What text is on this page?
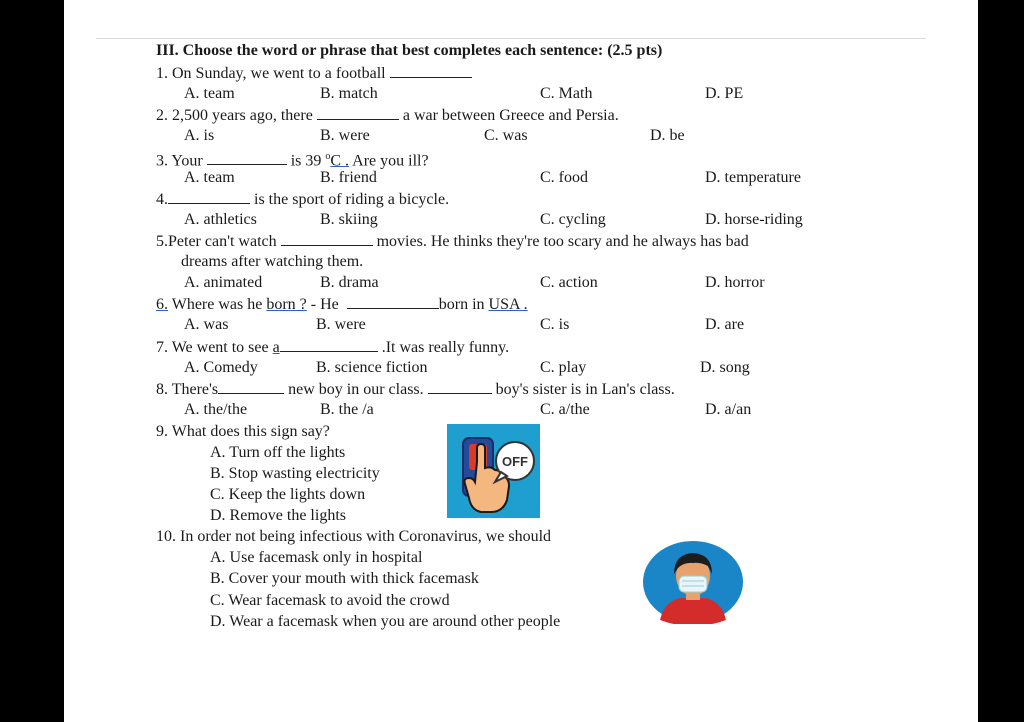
III. Choose the word or phrase that best completes each sentence: (2.5 pts)
1. On Sunday, we went to a football
A. team	B. match	C. Math	D. PE
2. 2,500 years ago, there	a war between Greece and Persia.
A. is	B. were	C. was	D. be
3. Your	is 39 $^o$C . Are you ill?
A. team	B. friend	C. food	D. temperature
4.	is the sport of riding a bicycle.
A. athletics	B. skiing	C. cycling	D. horse-riding
5.Peter can't watch	movies. He thinks they're too scary and he always has bad
dreams after watching them.
A. animated	B. drama	C. action	D. horror
6. Where was he born ? - He	born in USA .
A. was	B. were	C. is	D. are
7. We went to see a	.It was really funny.
A. Comedy	B. science fiction	C. play	D. song
8. There's	new boy in our class.	boy's sister is in Lan's class.
A. the/the	B. the /a	C. a/the	D. a/an
9. What does this sign say?
A. Turn off the lights
B. Stop wasting electricity
C. Keep the lights down
D. Remove the lights
OFF
10. In order not being infectious with Coronavirus, we should
A. Use facemask only in hospital
B. Cover your mouth with thick facemask
C. Wear facemask to avoid the crowd
D. Wear a facemask when you are around other people
